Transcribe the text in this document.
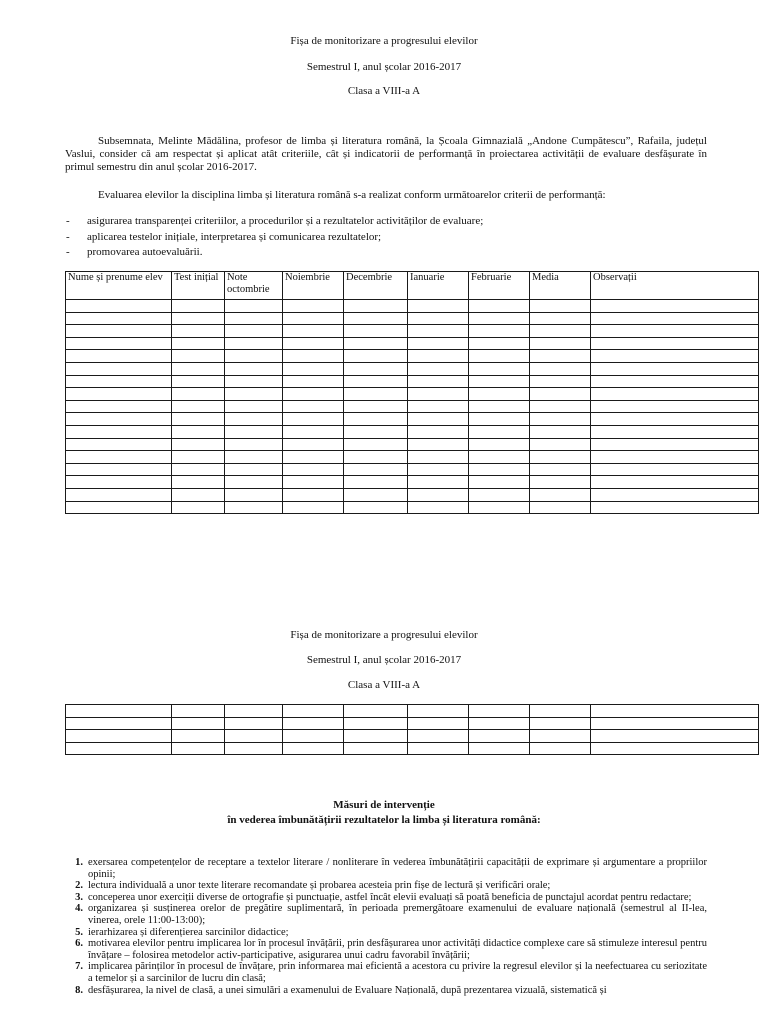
Fișa de monitorizare a progresului elevilor
Semestrul I, anul școlar 2016-2017
Clasa a VIII-a A
Subsemnata, Melinte Mădălina, profesor de limba și literatura română, la Școala Gimnazială „Andone Cumpătescu”, Rafaila, județul Vaslui, consider că am respectat și aplicat atât criteriile, cât și indicatorii de performanță în proiectarea activității de evaluare desfășurate în primul semestru din anul școlar 2016-2017.
Evaluarea elevilor la disciplina limba și literatura română s-a realizat conform următoarelor criterii de performanță:
- asigurarea transparenței criteriilor, a procedurilor și a rezultatelor activităților de evaluare;
- aplicarea testelor inițiale, interpretarea și comunicarea rezultatelor;
- promovarea autoevaluării.
Nume și prenume elev	Test inițial	Note octombrie	Noiembrie	Decembrie	Ianuarie	Februarie	Media	Observații

Fișa de monitorizare a progresului elevilor
Semestrul I, anul școlar 2016-2017
Clasa a VIII-a A

Măsuri de intervenție
în vederea îmbunătățirii rezultatelor la limba și literatura română:
1. exersarea competențelor de receptare a textelor literare / nonliterare în vederea îmbunătățirii capacității de exprimare și argumentare a propriilor opinii;
2. lectura individuală a unor texte literare recomandate și probarea acesteia prin fișe de lectură și verificări orale;
3. conceperea unor exerciții diverse de ortografie și punctuație, astfel încât elevii evaluați să poată beneficia de punctajul acordat pentru redactare;
4. organizarea și susținerea orelor de pregătire suplimentară, în perioada premergătoare examenului de evaluare națională (semestrul al II-lea, vinerea, orele 11:00-13:00);
5. ierarhizarea și diferențierea sarcinilor didactice;
6. motivarea elevilor pentru implicarea lor în procesul învățării, prin desfășurarea unor activități didactice complexe care să stimuleze interesul pentru învățare – folosirea metodelor activ-participative, asigurarea unui cadru favorabil învățării;
7. implicarea părinților în procesul de învățare, prin informarea mai eficientă a acestora cu privire la regresul elevilor și la neefectuarea cu seriozitate a temelor și a sarcinilor de lucru din clasă;
8. desfășurarea, la nivel de clasă, a unei simulări a examenului de Evaluare Națională, după prezentarea vizuală, sistematică și
